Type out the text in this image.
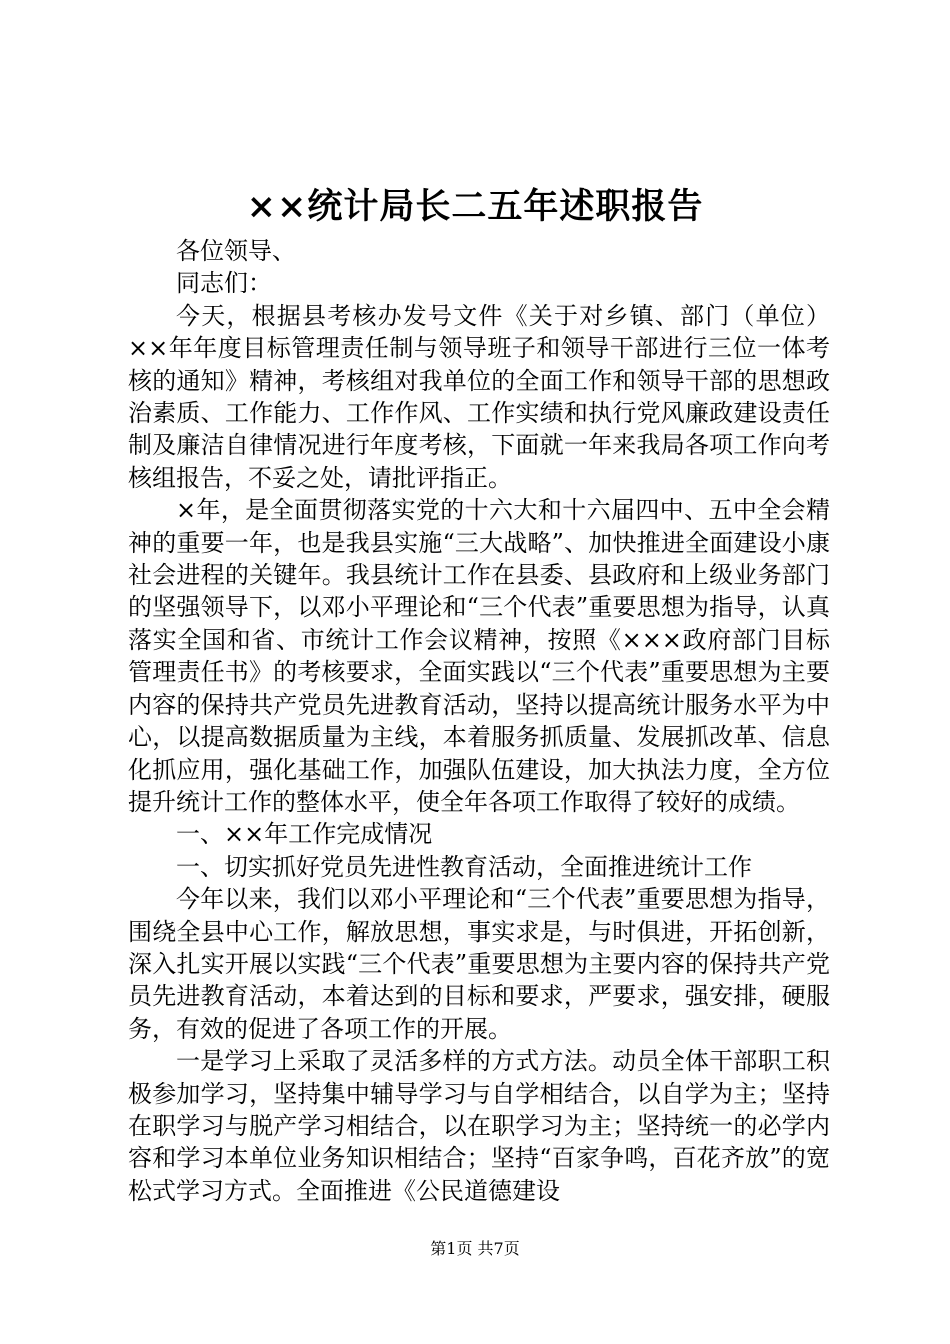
××统计局长二五年述职报告

各位领导、

同志们：

今天，根据县考核办发号文件《关于对乡镇、部门（单位）××年年度目标管理责任制与领导班子和领导干部进行三位一体考核的通知》精神，考核组对我单位的全面工作和领导干部的思想政治素质、工作能力、工作作风、工作实绩和执行党风廉政建设责任制及廉洁自律情况进行年度考核，下面就一年来我局各项工作向考核组报告，不妥之处，请批评指正。

×年，是全面贯彻落实党的十六大和十六届四中、五中全会精神的重要一年，也是我县实施“三大战略”、加快推进全面建设小康社会进程的关键年。我县统计工作在县委、县政府和上级业务部门的坚强领导下，以邓小平理论和“三个代表”重要思想为指导，认真落实全国和省、市统计工作会议精神，按照《×××政府部门目标管理责任书》的考核要求，全面实践以“三个代表”重要思想为主要内容的保持共产党员先进教育活动，坚持以提高统计服务水平为中心，以提高数据质量为主线，本着服务抓质量、发展抓改革、信息化抓应用，强化基础工作，加强队伍建设，加大执法力度，全方位提升统计工作的整体水平，使全年各项工作取得了较好的成绩。

一、××年工作完成情况

一、切实抓好党员先进性教育活动，全面推进统计工作

今年以来，我们以邓小平理论和“三个代表”重要思想为指导，围绕全县中心工作，解放思想，事实求是，与时俱进，开拓创新，深入扎实开展以实践“三个代表”重要思想为主要内容的保持共产党员先进教育活动，本着达到的目标和要求，严要求，强安排，硬服务，有效的促进了各项工作的开展。

一是学习上采取了灵活多样的方式方法。动员全体干部职工积极参加学习，坚持集中辅导学习与自学相结合，以自学为主；坚持在职学习与脱产学习相结合，以在职学习为主；坚持统一的必学内容和学习本单位业务知识相结合；坚持“百家争鸣，百花齐放”的宽松式学习方式。全面推进《公民道德建设

第1页 共7页
